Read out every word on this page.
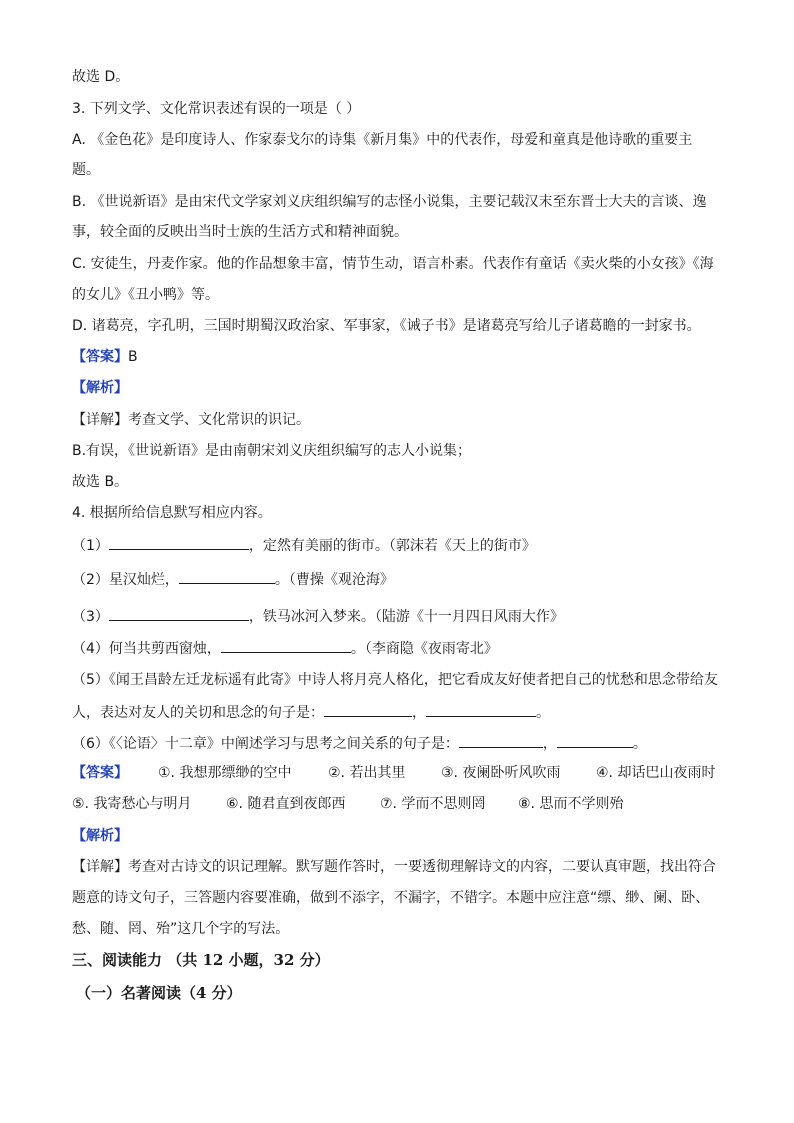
故选 D。
3. 下列文学、文化常识表述有误的一项是（ ）
A. 《金色花》是印度诗人、作家泰戈尔的诗集《新月集》中的代表作，母爱和童真是他诗歌的重要主
题。
B. 《世说新语》是由宋代文学家刘义庆组织编写的志怪小说集，主要记载汉末至东晋士大夫的言谈、逸
事，较全面的反映出当时士族的生活方式和精神面貌。
C. 安徒生，丹麦作家。他的作品想象丰富，情节生动，语言朴素。代表作有童话《卖火柴的小女孩》《海
的女儿》《丑小鸭》等。
D. 诸葛亮，字孔明，三国时期蜀汉政治家、军事家，《诫子书》是诸葛亮写给儿子诸葛瞻的一封家书。
【答案】B
【解析】
【详解】考查文学、文化常识的识记。
B.有误，《世说新语》是由南朝宋刘义庆组织编写的志人小说集；
故选 B。
4. 根据所给信息默写相应内容。
（1）	，定然有美丽的街市。（郭沫若《天上的街市》
（2）星汉灿烂，	。（曹操《观沧海》
（3）	，铁马冰河入梦来。（陆游《十一月四日风雨大作》
（4）何当共剪西窗烛，	。（李商隐《夜雨寄北》
（5）《闻王昌龄左迁龙标遥有此寄》中诗人将月亮人格化，把它看成友好使者把自己的忧愁和思念带给友
人，表达对友人的关切和思念的句子是：	，	。
（6）《〈论语〉十二章》中阐述学习与思考之间关系的句子是：	，	。
【答案】 ①. 我想那缥缈的空中	②. 若出其里	③. 夜阑卧听风吹雨	④. 却话巴山夜雨时
⑤. 我寄愁心与明月 ⑥. 随君直到夜郎西 ⑦. 学而不思则罔 ⑧. 思而不学则殆
【解析】
【详解】考查对古诗文的识记理解。默写题作答时，一要透彻理解诗文的内容，二要认真审题，找出符合
题意的诗文句子，三答题内容要准确，做到不添字，不漏字，不错字。本题中应注意“缥、缈、阑、卧、
愁、随、罔、殆”这几个字的写法。
三、阅读能力 （共 12 小题，32 分）
（一）名著阅读（4 分）
